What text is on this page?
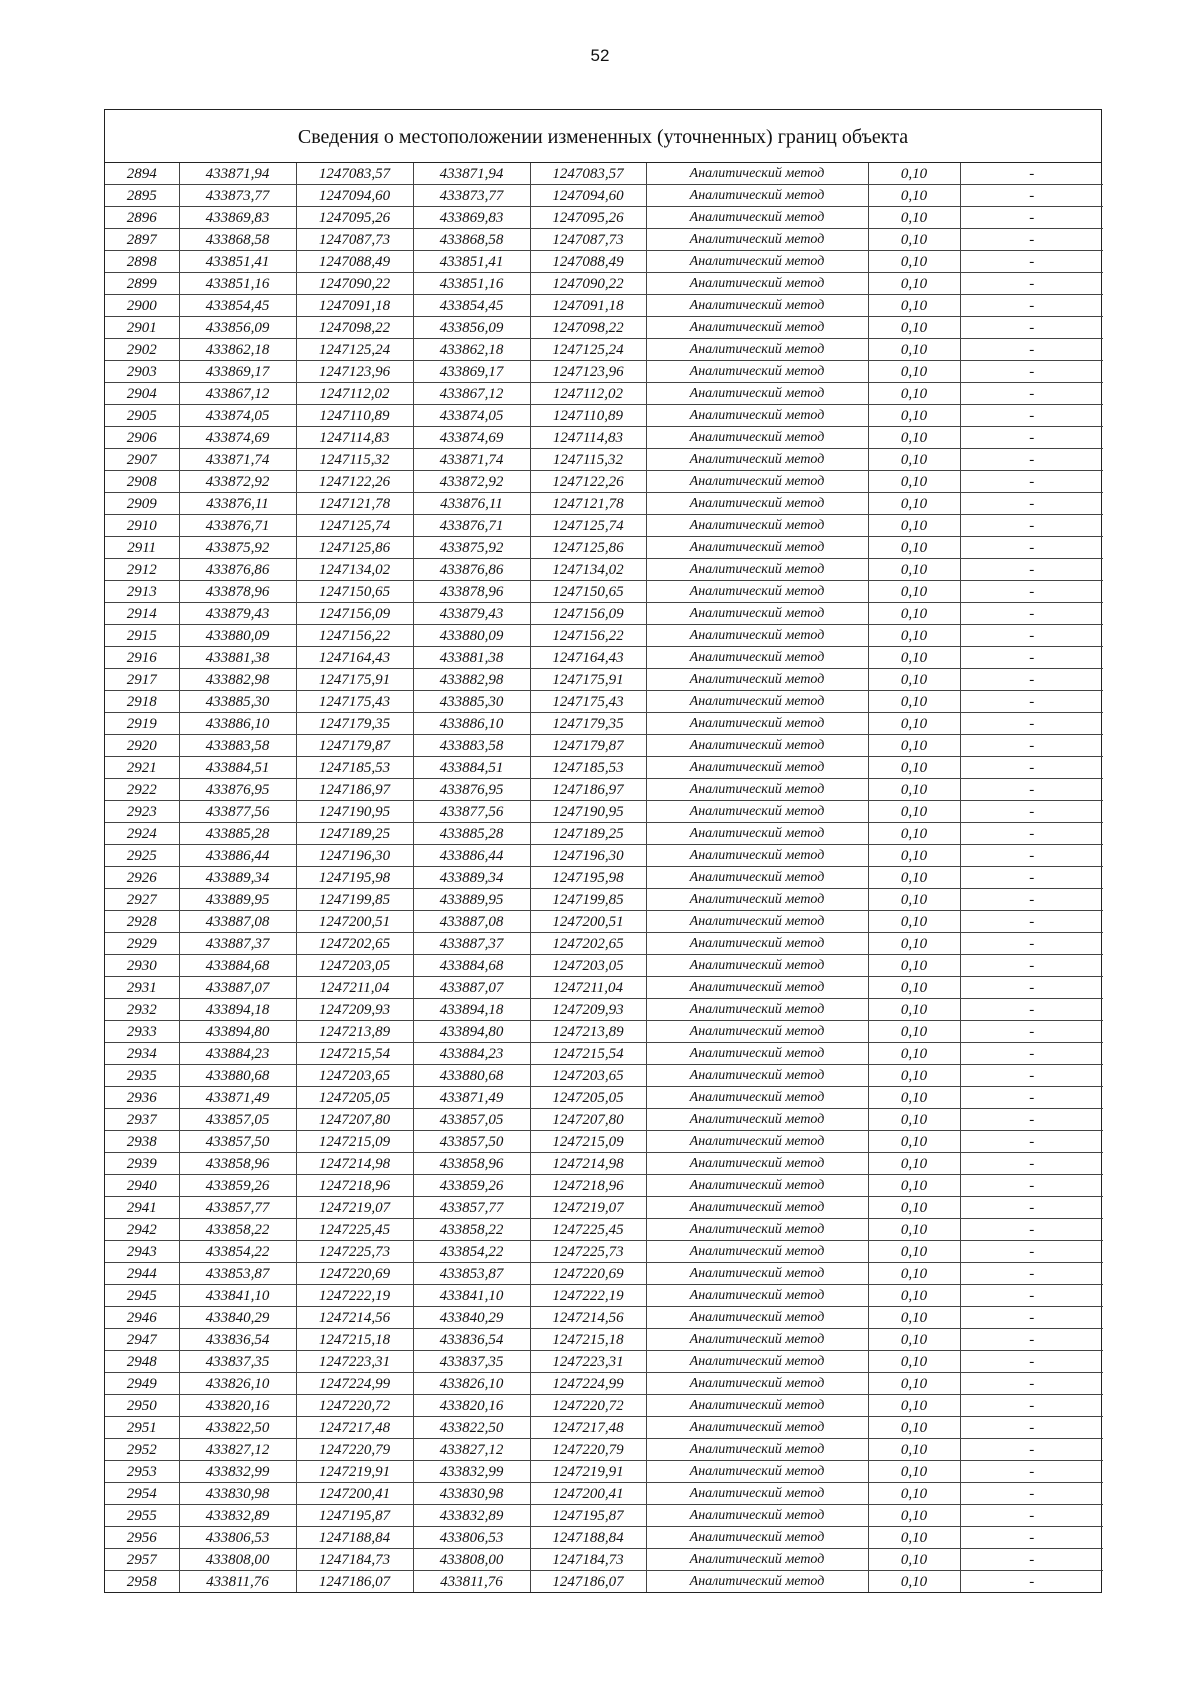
52
Сведения о местоположении измененных (уточненных) границ объекта
2894	433871,94	1247083,57	433871,94	1247083,57	Аналитический метод	0,10	-
2895	433873,77	1247094,60	433873,77	1247094,60	Аналитический метод	0,10	-
2896	433869,83	1247095,26	433869,83	1247095,26	Аналитический метод	0,10	-
2897	433868,58	1247087,73	433868,58	1247087,73	Аналитический метод	0,10	-
2898	433851,41	1247088,49	433851,41	1247088,49	Аналитический метод	0,10	-
2899	433851,16	1247090,22	433851,16	1247090,22	Аналитический метод	0,10	-
2900	433854,45	1247091,18	433854,45	1247091,18	Аналитический метод	0,10	-
2901	433856,09	1247098,22	433856,09	1247098,22	Аналитический метод	0,10	-
2902	433862,18	1247125,24	433862,18	1247125,24	Аналитический метод	0,10	-
2903	433869,17	1247123,96	433869,17	1247123,96	Аналитический метод	0,10	-
2904	433867,12	1247112,02	433867,12	1247112,02	Аналитический метод	0,10	-
2905	433874,05	1247110,89	433874,05	1247110,89	Аналитический метод	0,10	-
2906	433874,69	1247114,83	433874,69	1247114,83	Аналитический метод	0,10	-
2907	433871,74	1247115,32	433871,74	1247115,32	Аналитический метод	0,10	-
2908	433872,92	1247122,26	433872,92	1247122,26	Аналитический метод	0,10	-
2909	433876,11	1247121,78	433876,11	1247121,78	Аналитический метод	0,10	-
2910	433876,71	1247125,74	433876,71	1247125,74	Аналитический метод	0,10	-
2911	433875,92	1247125,86	433875,92	1247125,86	Аналитический метод	0,10	-
2912	433876,86	1247134,02	433876,86	1247134,02	Аналитический метод	0,10	-
2913	433878,96	1247150,65	433878,96	1247150,65	Аналитический метод	0,10	-
2914	433879,43	1247156,09	433879,43	1247156,09	Аналитический метод	0,10	-
2915	433880,09	1247156,22	433880,09	1247156,22	Аналитический метод	0,10	-
2916	433881,38	1247164,43	433881,38	1247164,43	Аналитический метод	0,10	-
2917	433882,98	1247175,91	433882,98	1247175,91	Аналитический метод	0,10	-
2918	433885,30	1247175,43	433885,30	1247175,43	Аналитический метод	0,10	-
2919	433886,10	1247179,35	433886,10	1247179,35	Аналитический метод	0,10	-
2920	433883,58	1247179,87	433883,58	1247179,87	Аналитический метод	0,10	-
2921	433884,51	1247185,53	433884,51	1247185,53	Аналитический метод	0,10	-
2922	433876,95	1247186,97	433876,95	1247186,97	Аналитический метод	0,10	-
2923	433877,56	1247190,95	433877,56	1247190,95	Аналитический метод	0,10	-
2924	433885,28	1247189,25	433885,28	1247189,25	Аналитический метод	0,10	-
2925	433886,44	1247196,30	433886,44	1247196,30	Аналитический метод	0,10	-
2926	433889,34	1247195,98	433889,34	1247195,98	Аналитический метод	0,10	-
2927	433889,95	1247199,85	433889,95	1247199,85	Аналитический метод	0,10	-
2928	433887,08	1247200,51	433887,08	1247200,51	Аналитический метод	0,10	-
2929	433887,37	1247202,65	433887,37	1247202,65	Аналитический метод	0,10	-
2930	433884,68	1247203,05	433884,68	1247203,05	Аналитический метод	0,10	-
2931	433887,07	1247211,04	433887,07	1247211,04	Аналитический метод	0,10	-
2932	433894,18	1247209,93	433894,18	1247209,93	Аналитический метод	0,10	-
2933	433894,80	1247213,89	433894,80	1247213,89	Аналитический метод	0,10	-
2934	433884,23	1247215,54	433884,23	1247215,54	Аналитический метод	0,10	-
2935	433880,68	1247203,65	433880,68	1247203,65	Аналитический метод	0,10	-
2936	433871,49	1247205,05	433871,49	1247205,05	Аналитический метод	0,10	-
2937	433857,05	1247207,80	433857,05	1247207,80	Аналитический метод	0,10	-
2938	433857,50	1247215,09	433857,50	1247215,09	Аналитический метод	0,10	-
2939	433858,96	1247214,98	433858,96	1247214,98	Аналитический метод	0,10	-
2940	433859,26	1247218,96	433859,26	1247218,96	Аналитический метод	0,10	-
2941	433857,77	1247219,07	433857,77	1247219,07	Аналитический метод	0,10	-
2942	433858,22	1247225,45	433858,22	1247225,45	Аналитический метод	0,10	-
2943	433854,22	1247225,73	433854,22	1247225,73	Аналитический метод	0,10	-
2944	433853,87	1247220,69	433853,87	1247220,69	Аналитический метод	0,10	-
2945	433841,10	1247222,19	433841,10	1247222,19	Аналитический метод	0,10	-
2946	433840,29	1247214,56	433840,29	1247214,56	Аналитический метод	0,10	-
2947	433836,54	1247215,18	433836,54	1247215,18	Аналитический метод	0,10	-
2948	433837,35	1247223,31	433837,35	1247223,31	Аналитический метод	0,10	-
2949	433826,10	1247224,99	433826,10	1247224,99	Аналитический метод	0,10	-
2950	433820,16	1247220,72	433820,16	1247220,72	Аналитический метод	0,10	-
2951	433822,50	1247217,48	433822,50	1247217,48	Аналитический метод	0,10	-
2952	433827,12	1247220,79	433827,12	1247220,79	Аналитический метод	0,10	-
2953	433832,99	1247219,91	433832,99	1247219,91	Аналитический метод	0,10	-
2954	433830,98	1247200,41	433830,98	1247200,41	Аналитический метод	0,10	-
2955	433832,89	1247195,87	433832,89	1247195,87	Аналитический метод	0,10	-
2956	433806,53	1247188,84	433806,53	1247188,84	Аналитический метод	0,10	-
2957	433808,00	1247184,73	433808,00	1247184,73	Аналитический метод	0,10	-
2958	433811,76	1247186,07	433811,76	1247186,07	Аналитический метод	0,10	-
